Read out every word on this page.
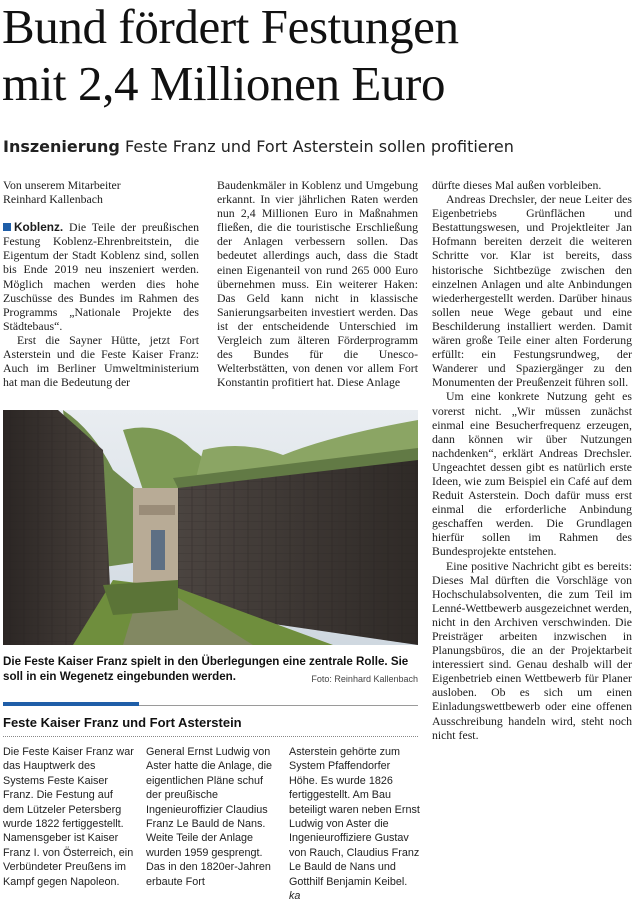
Bund fördert Festungen
mit 2,4 Millionen Euro
Inszenierung Feste Franz und Fort Asterstein sollen profitieren
Von unserem Mitarbeiter
Reinhard Kallenbach

Koblenz. Die Teile der preußischen Festung Koblenz-Ehrenbreitstein, die Eigentum der Stadt Koblenz sind, sollen bis Ende 2019 neu inszeniert werden. Möglich machen werden dies hohe Zuschüsse des Bundes im Rahmen des Programms „Nationale Projekte des Städtebaus“.

Erst die Sayner Hütte, jetzt Fort Asterstein und die Feste Kaiser Franz: Auch im Berliner Umweltministerium hat man die Bedeutung der

Baudenkmäler in Koblenz und Umgebung erkannt. In vier jährlichen Raten werden nun 2,4 Millionen Euro in Maßnahmen fließen, die die touristische Erschließung der Anlagen verbessern sollen. Das bedeutet allerdings auch, dass die Stadt einen Eigenanteil von rund 265 000 Euro übernehmen muss. Ein weiterer Haken: Das Geld kann nicht in klassische Sanierungsarbeiten investiert werden. Das ist der entscheidende Unterschied im Vergleich zum älteren Förderprogramm des Bundes für die Unesco-Welterbstätten, von denen vor allem Fort Konstantin profitiert hat. Diese Anlage

dürfte dieses Mal außen vorbleiben.

Andreas Drechsler, der neue Leiter des Eigenbetriebs Grünflächen und Bestattungswesen, und Projektleiter Jan Hofmann bereiten derzeit die weiteren Schritte vor. Klar ist bereits, dass historische Sichtbezüge zwischen den einzelnen Anlagen und alte Anbindungen wiederhergestellt werden. Darüber hinaus sollen neue Wege gebaut und eine Beschilderung installiert werden. Damit wären große Teile einer alten Forderung erfüllt: ein Festungsrundweg, der Wanderer und Spaziergänger zu den Monumenten der Preußenzeit führen soll.

Um eine konkrete Nutzung geht es vorerst nicht. „Wir müssen zunächst einmal eine Besucherfrequenz erzeugen, dann können wir über Nutzungen nachdenken“, erklärt Andreas Drechsler. Ungeachtet dessen gibt es natürlich erste Ideen, wie zum Beispiel ein Café auf dem Reduit Asterstein. Doch dafür muss erst einmal die erforderliche Anbindung geschaffen werden. Die Grundlagen hierfür sollen im Rahmen des Bundesprojekte entstehen.

Eine positive Nachricht gibt es bereits: Dieses Mal dürften die Vorschläge von Hochschulabsolventen, die zum Teil im Lenné-Wettbewerb ausgezeichnet werden, nicht in den Archiven verschwinden. Die Preisträger arbeiten inzwischen in Planungsbüros, die an der Projektarbeit interessiert sind. Genau deshalb will der Eigenbetrieb einen Wettbewerb für Planer ausloben. Ob es sich um einen Einladungswettbewerb oder eine offenen Ausschreibung handeln wird, steht noch nicht fest.

Die Feste Kaiser Franz spielt in den Überlegungen eine zentrale Rolle. Sie soll in ein Wegenetz eingebunden werden.	Foto: Reinhard Kallenbach
Feste Kaiser Franz und Fort Asterstein

Die Feste Kaiser Franz war das Hauptwerk des Systems Feste Kaiser Franz. Die Festung auf dem Lützeler Petersberg wurde 1822 fertiggestellt. Namensgeber ist Kaiser Franz I. von Österreich, ein Verbündeter Preußens im Kampf gegen Napoleon.

General Ernst Ludwig von Aster hatte die Anlage, die eigentlichen Pläne schuf der preußische Ingenieuroffizier Claudius Franz Le Bauld de Nans. Weite Teile der Anlage wurden 1959 gesprengt. Das in den 1820er-Jahren erbaute Fort

Asterstein gehörte zum System Pfaffendorfer Höhe. Es wurde 1826 fertiggestellt. Am Bau beteiligt waren neben Ernst Ludwig von Aster die Ingenieuroffiziere Gustav von Rauch, Claudius Franz Le Bauld de Nans und Gotthilf Benjamin Keibel. ka
